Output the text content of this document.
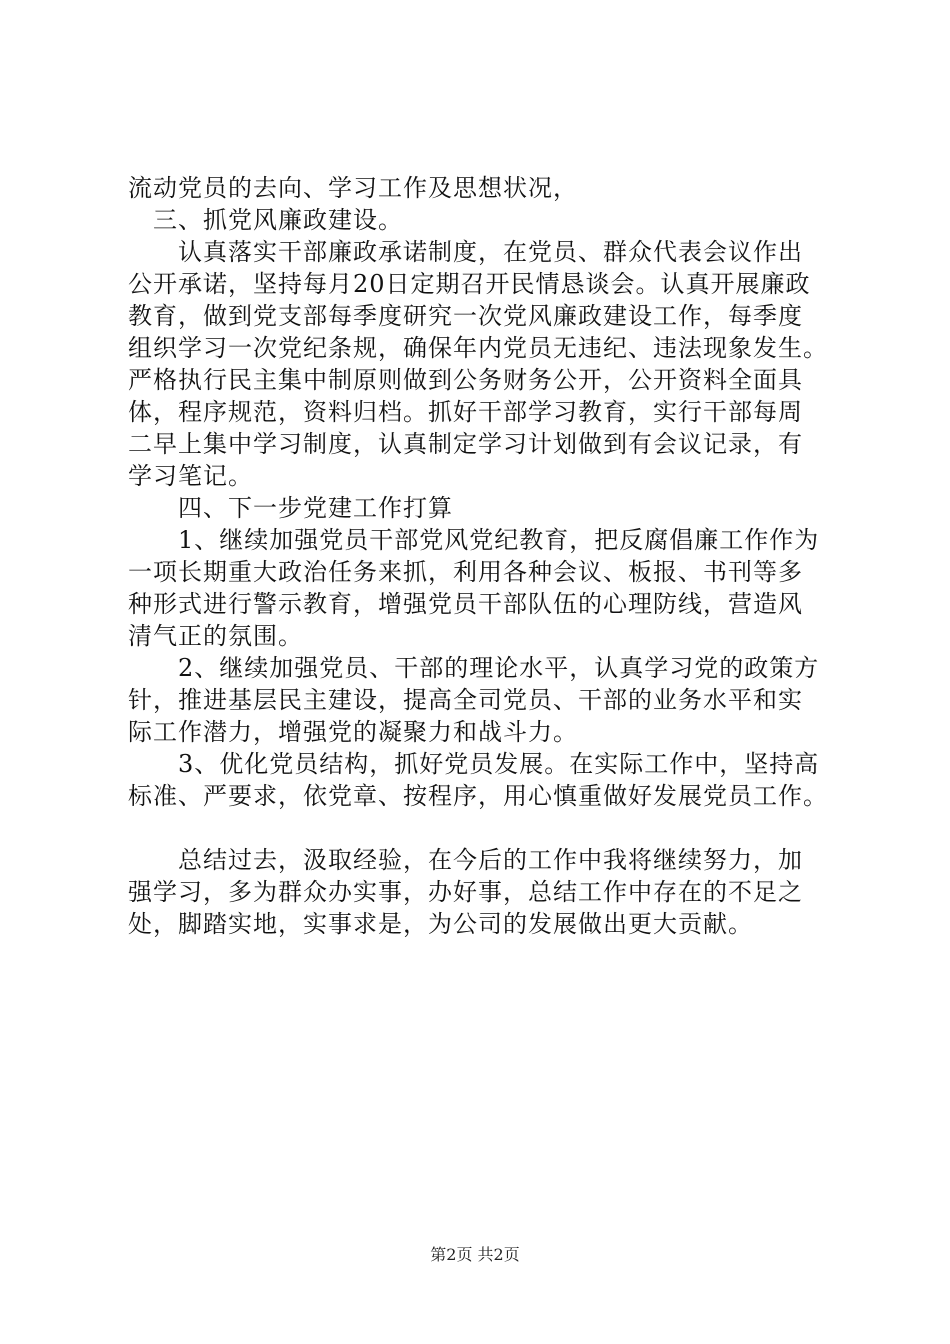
流动党员的去向、学习工作及思想状况，
　三、抓党风廉政建设。
　　认真落实干部廉政承诺制度，在党员、群众代表会议作出
公开承诺，坚持每月20日定期召开民情恳谈会。认真开展廉政
教育，做到党支部每季度研究一次党风廉政建设工作，每季度
组织学习一次党纪条规，确保年内党员无违纪、违法现象发生。
严格执行民主集中制原则做到公务财务公开，公开资料全面具
体，程序规范，资料归档。抓好干部学习教育，实行干部每周
二早上集中学习制度，认真制定学习计划做到有会议记录，有
学习笔记。
　　四、下一步党建工作打算
　　1、继续加强党员干部党风党纪教育，把反腐倡廉工作作为
一项长期重大政治任务来抓，利用各种会议、板报、书刊等多
种形式进行警示教育，增强党员干部队伍的心理防线，营造风
清气正的氛围。
　　2、继续加强党员、干部的理论水平，认真学习党的政策方
针，推进基层民主建设，提高全司党员、干部的业务水平和实
际工作潜力，增强党的凝聚力和战斗力。
　　3、优化党员结构，抓好党员发展。在实际工作中，坚持高
标准、严要求，依党章、按程序，用心慎重做好发展党员工作。
　　总结过去，汲取经验，在今后的工作中我将继续努力，加
强学习，多为群众办实事，办好事，总结工作中存在的不足之
处，脚踏实地，实事求是，为公司的发展做出更大贡献。
第2页 共2页
